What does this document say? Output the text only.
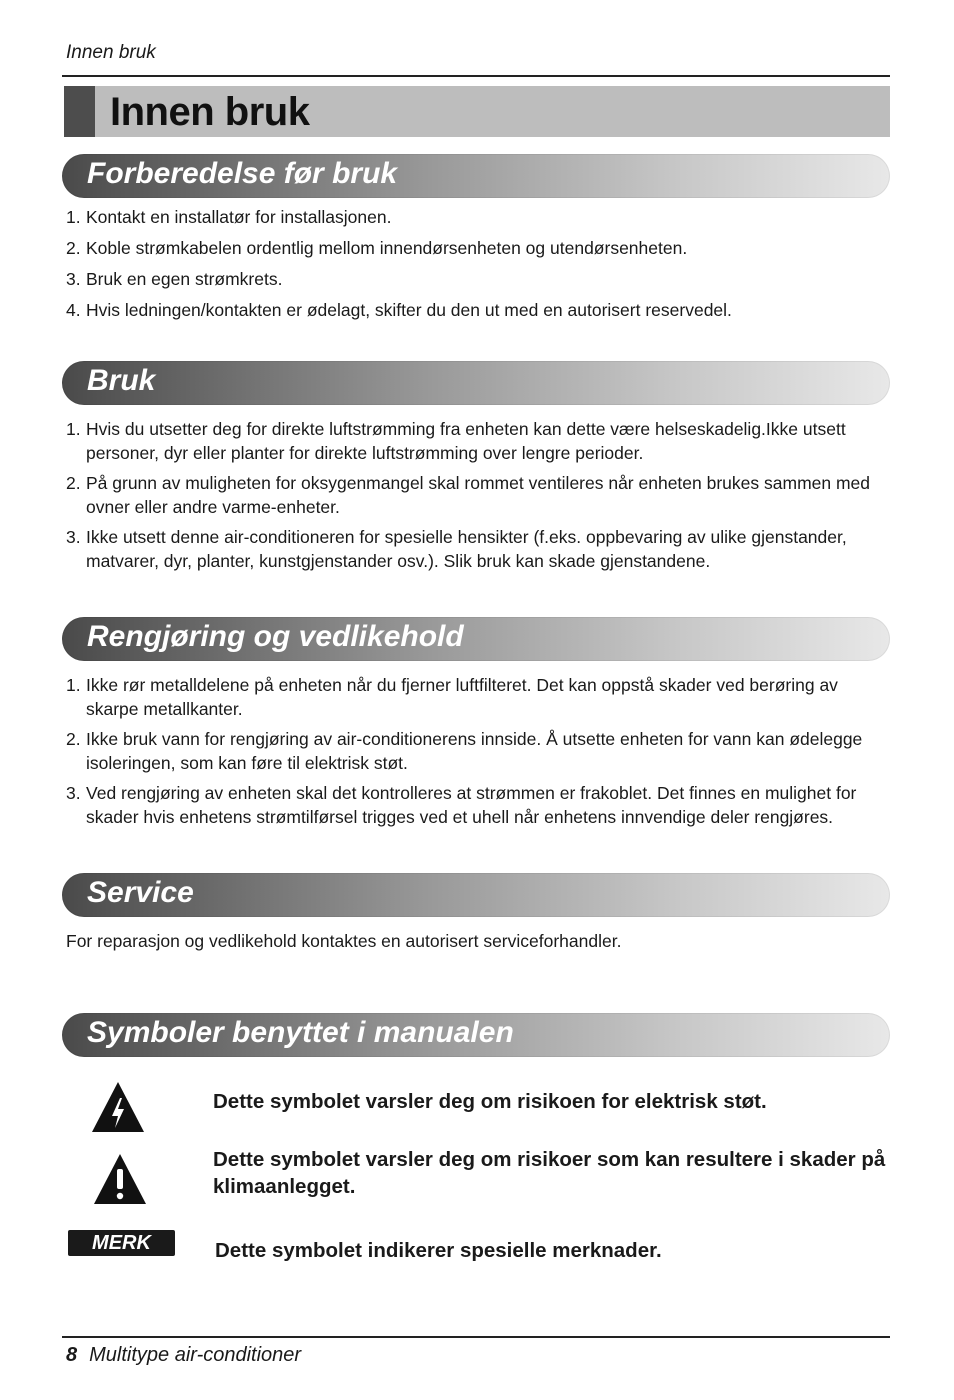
Innen bruk
Innen bruk
Forberedelse før bruk
1. Kontakt en installatør for installasjonen.
2. Koble strømkabelen ordentlig mellom innendørsenheten og utendørsenheten.
3. Bruk en egen strømkrets.
4. Hvis ledningen/kontakten er ødelagt, skifter du den ut med en autorisert reservedel.
Bruk
1. Hvis du utsetter deg for direkte luftstrømming fra enheten kan dette være helseskadelig.Ikke utsett personer, dyr eller planter for direkte luftstrømming over lengre perioder.
2. På grunn av muligheten for oksygenmangel skal rommet ventileres når enheten brukes sammen med ovner eller andre varme-enheter.
3. Ikke utsett denne air-conditioneren for spesielle hensikter (f.eks. oppbevaring av ulike gjenstander, matvarer, dyr, planter, kunstgjenstander osv.). Slik bruk kan skade gjenstandene.
Rengjøring og vedlikehold
1. Ikke rør metalldelene på enheten når du fjerner luftfilteret. Det kan oppstå skader ved berøring av skarpe metallkanter.
2. Ikke bruk vann for rengjøring av air-conditionerens innside. Å utsette enheten for vann kan ødelegge isoleringen, som kan føre til elektrisk støt.
3. Ved rengjøring av enheten skal det kontrolleres at strømmen er frakoblet. Det finnes en mulighet for skader hvis enhetens strømtilførsel trigges ved et uhell når enhetens innvendige deler rengjøres.
Service
For reparasjon og vedlikehold kontaktes en autorisert serviceforhandler.
Symboler benyttet i manualen
Dette symbolet varsler deg om risikoen for elektrisk støt.
Dette symbolet varsler deg om risikoer som kan resultere i skader på klimaanlegget.
MERK	Dette symbolet indikerer spesielle merknader.
8 Multitype air-conditioner
